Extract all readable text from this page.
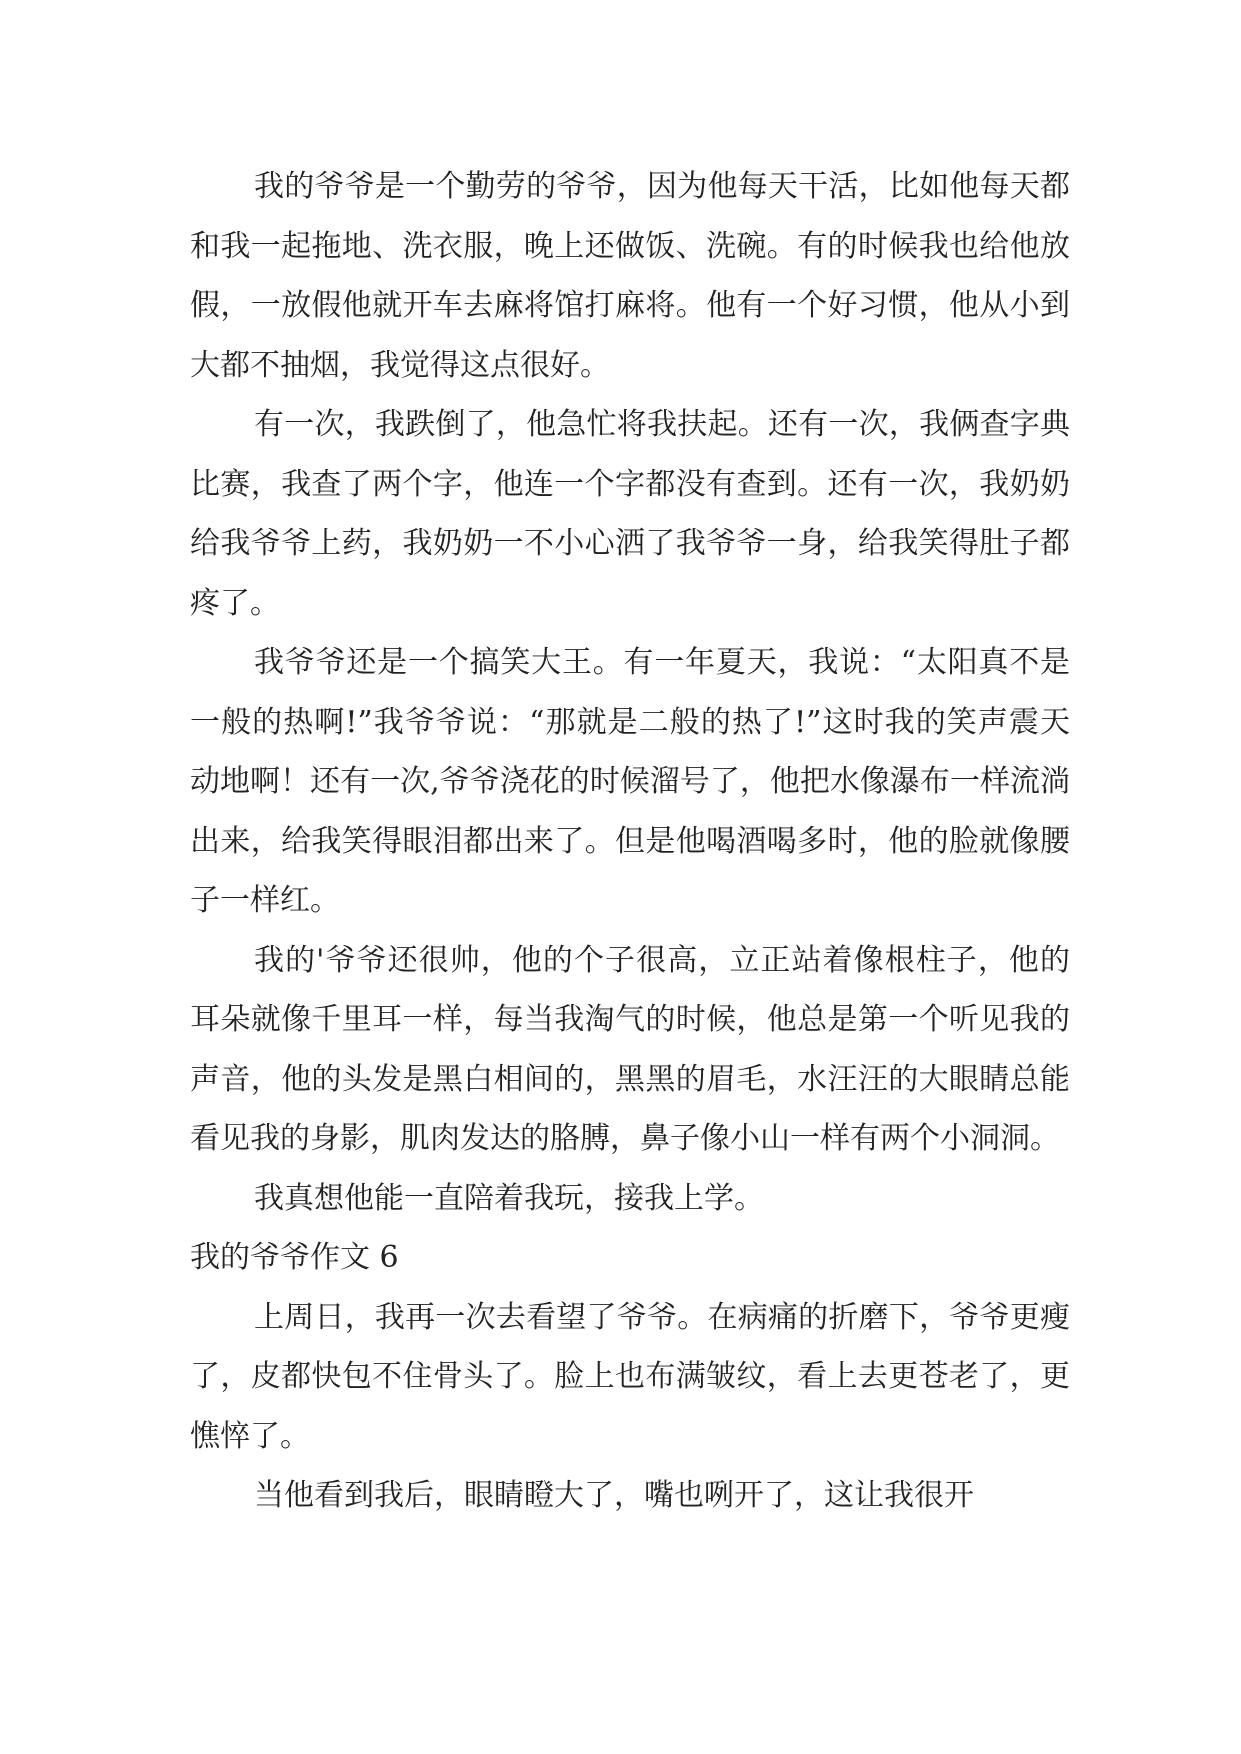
我的爷爷是一个勤劳的爷爷，因为他每天干活，比如他每天都和我一起拖地、洗衣服，晚上还做饭、洗碗。有的时候我也给他放假，一放假他就开车去麻将馆打麻将。他有一个好习惯，他从小到大都不抽烟，我觉得这点很好。

有一次，我跌倒了，他急忙将我扶起。还有一次，我俩查字典比赛，我查了两个字，他连一个字都没有查到。还有一次，我奶奶给我爷爷上药，我奶奶一不小心洒了我爷爷一身，给我笑得肚子都疼了。

我爷爷还是一个搞笑大王。有一年夏天，我说：“太阳真不是一般的热啊!”我爷爷说：“那就是二般的热了!”这时我的笑声震天动地啊！还有一次,爷爷浇花的时候溜号了，他把水像瀑布一样流淌出来，给我笑得眼泪都出来了。但是他喝酒喝多时，他的脸就像腰子一样红。

我的'爷爷还很帅，他的个子很高，立正站着像根柱子，他的耳朵就像千里耳一样，每当我淘气的时候，他总是第一个听见我的声音，他的头发是黑白相间的，黑黑的眉毛，水汪汪的大眼睛总能看见我的身影，肌肉发达的胳膊，鼻子像小山一样有两个小洞洞。

我真想他能一直陪着我玩，接我上学。

我的爷爷作文 6

上周日，我再一次去看望了爷爷。在病痛的折磨下，爷爷更瘦了，皮都快包不住骨头了。脸上也布满皱纹，看上去更苍老了，更憔悴了。

当他看到我后，眼睛瞪大了，嘴也咧开了，这让我很开
